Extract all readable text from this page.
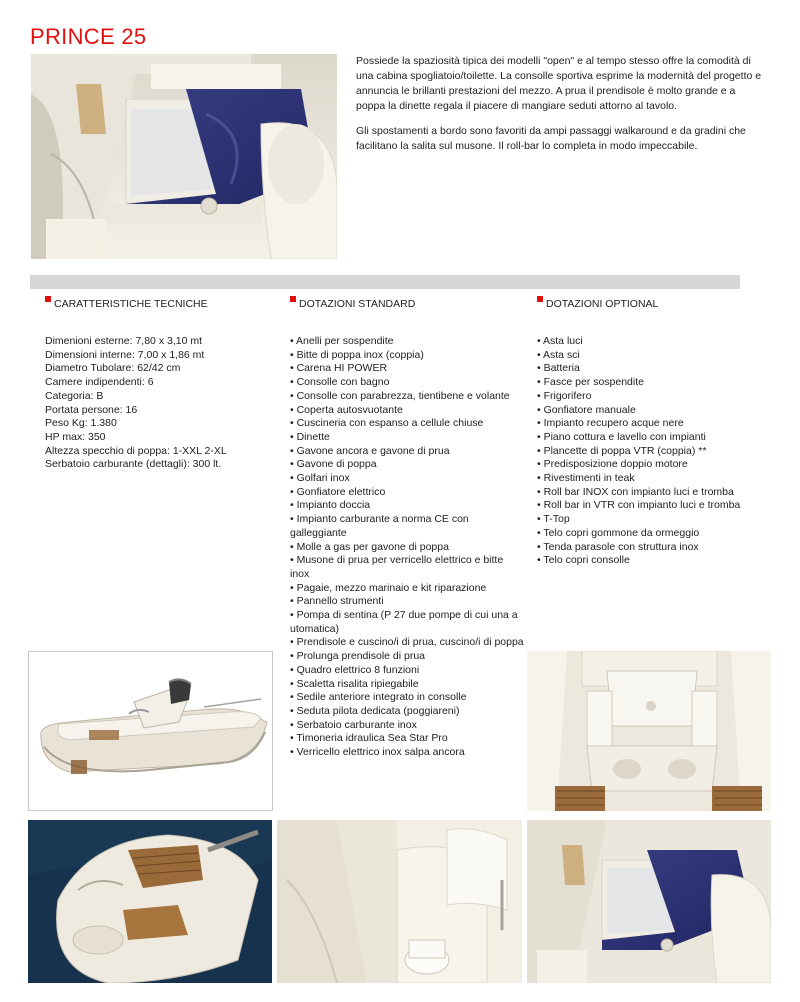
PRINCE 25

Possiede la spaziosità tipica dei modelli "open" e al tempo stesso offre la comodità di una cabina spogliatoio/toilette. La consolle sportiva esprime la modernità del progetto e annuncia le brillanti prestazioni del mezzo. A prua il prendisole è molto grande e a poppa la dinette regala il piacere di mangiare seduti attorno al tavolo.

Gli spostamenti a bordo sono favoriti da ampi passaggi walkaround e da gradini che facilitano la salita sul musone. Il roll-bar lo completa in modo impeccabile.

CARATTERISTICHE TECNICHE	DOTAZIONI STANDARD	DOTAZIONI OPTIONAL
Dimenioni esterne: 7,80 x 3,10 mt
Dimensioni interne: 7,00 x 1,86 mt
Diametro Tubolare: 62/42 cm
Camere indipendenti: 6
Categoria: B
Portata persone: 16
Peso Kg: 1.380
HP max: 350
Altezza specchio di poppa: 1-XXL 2-XL
Serbatoio carburante (dettagli): 300 lt.
• Anelli per sospendite
• Bitte di poppa inox (coppia)
• Carena HI POWER
• Consolle con bagno
• Consolle con parabrezza, tientibene e volante
• Coperta autosvuotante
• Cuscineria con espanso a cellule chiuse
• Dinette
• Gavone ancora e gavone di prua
• Gavone di poppa
• Golfari inox
• Gonfiatore elettrico
• Impianto doccia
• Impianto carburante a norma CE con galleggiante
• Molle a gas per gavone di poppa
• Musone di prua per verricello elettrico e bitte inox
• Pagaie, mezzo marinaio e kit riparazione
• Pannello strumenti
• Pompa di sentina (P 27 due pompe di cui una a
utomatica)
• Prendisole e cuscino/i di prua, cuscino/i di poppa
• Prolunga prendisole di prua
• Quadro elettrico 8 funzioni
• Scaletta risalita ripiegabile
• Sedile anteriore integrato in consolle
• Seduta pilota dedicata (poggiareni)
• Serbatoio carburante inox
• Timoneria idraulica Sea Star Pro
• Verricello elettrico inox salpa ancora
• Asta luci
• Asta sci
• Batteria
• Fasce per sospendite
• Frigorifero
• Gonfiatore manuale
• Impianto recupero acque nere
• Piano cottura e lavello con impianti
• Plancette di poppa VTR (coppia) **
• Predisposizione doppio motore
• Rivestimenti in teak
• Roll bar INOX con impianto luci e tromba
• Roll bar in VTR con impianto luci e tromba
• T-Top
• Telo copri gommone da ormeggio
• Tenda parasole con struttura inox
• Telo copri consolle
